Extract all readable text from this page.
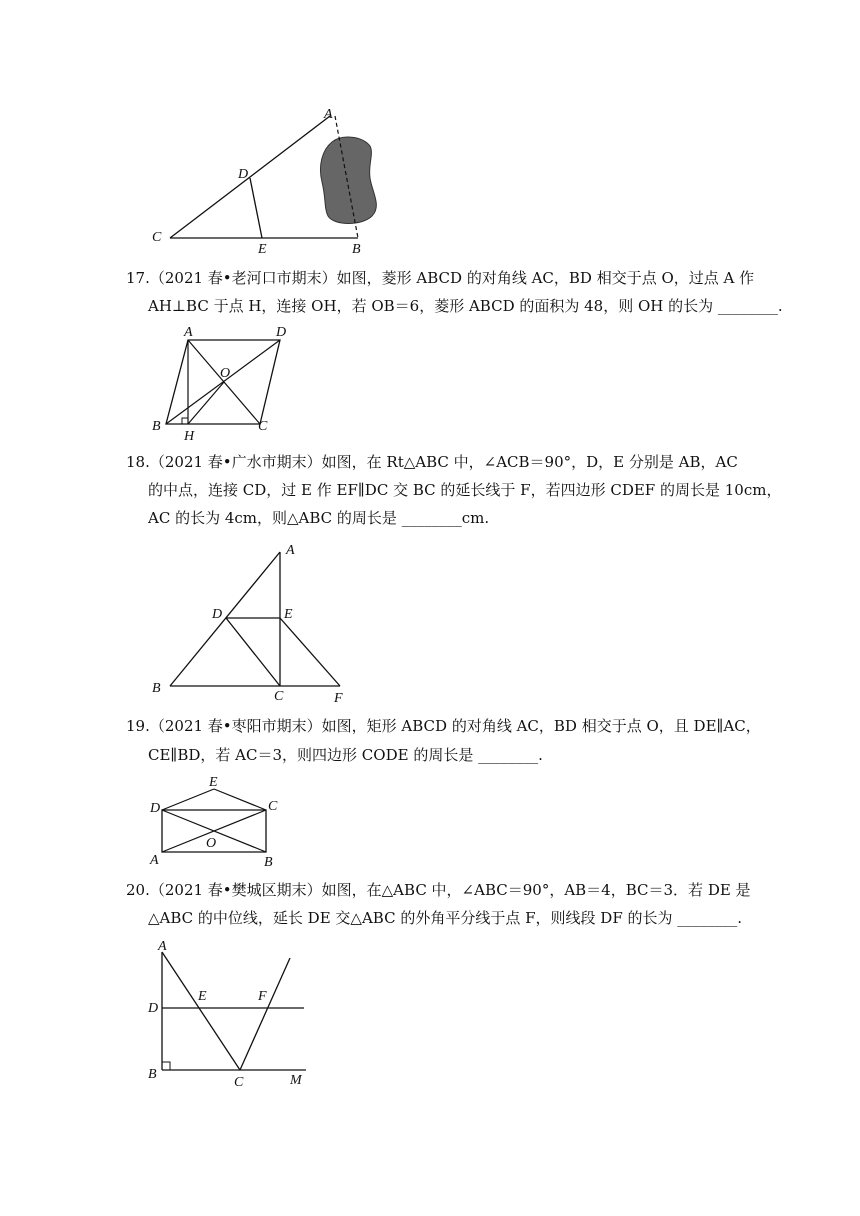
A
D
C
E	B
17.（2021 春•老河口市期末）如图，菱形 ABCD 的对角线 AC，BD 相交于点 O，过点 A 作
AH⊥BC 于点 H，连接 OH，若 OB＝6，菱形 ABCD 的面积为 48，则 OH 的长为 ________.
A	D
O
B
H
C
18.（2021 春•广水市期末）如图，在 Rt△ABC 中，∠ACB＝90°，D，E 分别是 AB，AC
的中点，连接 CD，过 E 作 EF∥DC 交 BC 的延长线于 F，若四边形 CDEF 的周长是 10cm，
AC 的长为 4cm，则△ABC 的周长是 ________cm.
A
D	E
B
C	F
19.（2021 春•枣阳市期末）如图，矩形 ABCD 的对角线 AC，BD 相交于点 O，且 DE∥AC，
CE∥BD，若 AC＝3，则四边形 CODE 的周长是 ________.
E
D	C
O
A	B
20.（2021 春•樊城区期末）如图，在△ABC 中，∠ABC＝90°，AB＝4，BC＝3．若 DE 是
△ABC 的中位线，延长 DE 交△ABC 的外角平分线于点 F，则线段 DF 的长为 ________.
A
D
E	F
B
C	M
